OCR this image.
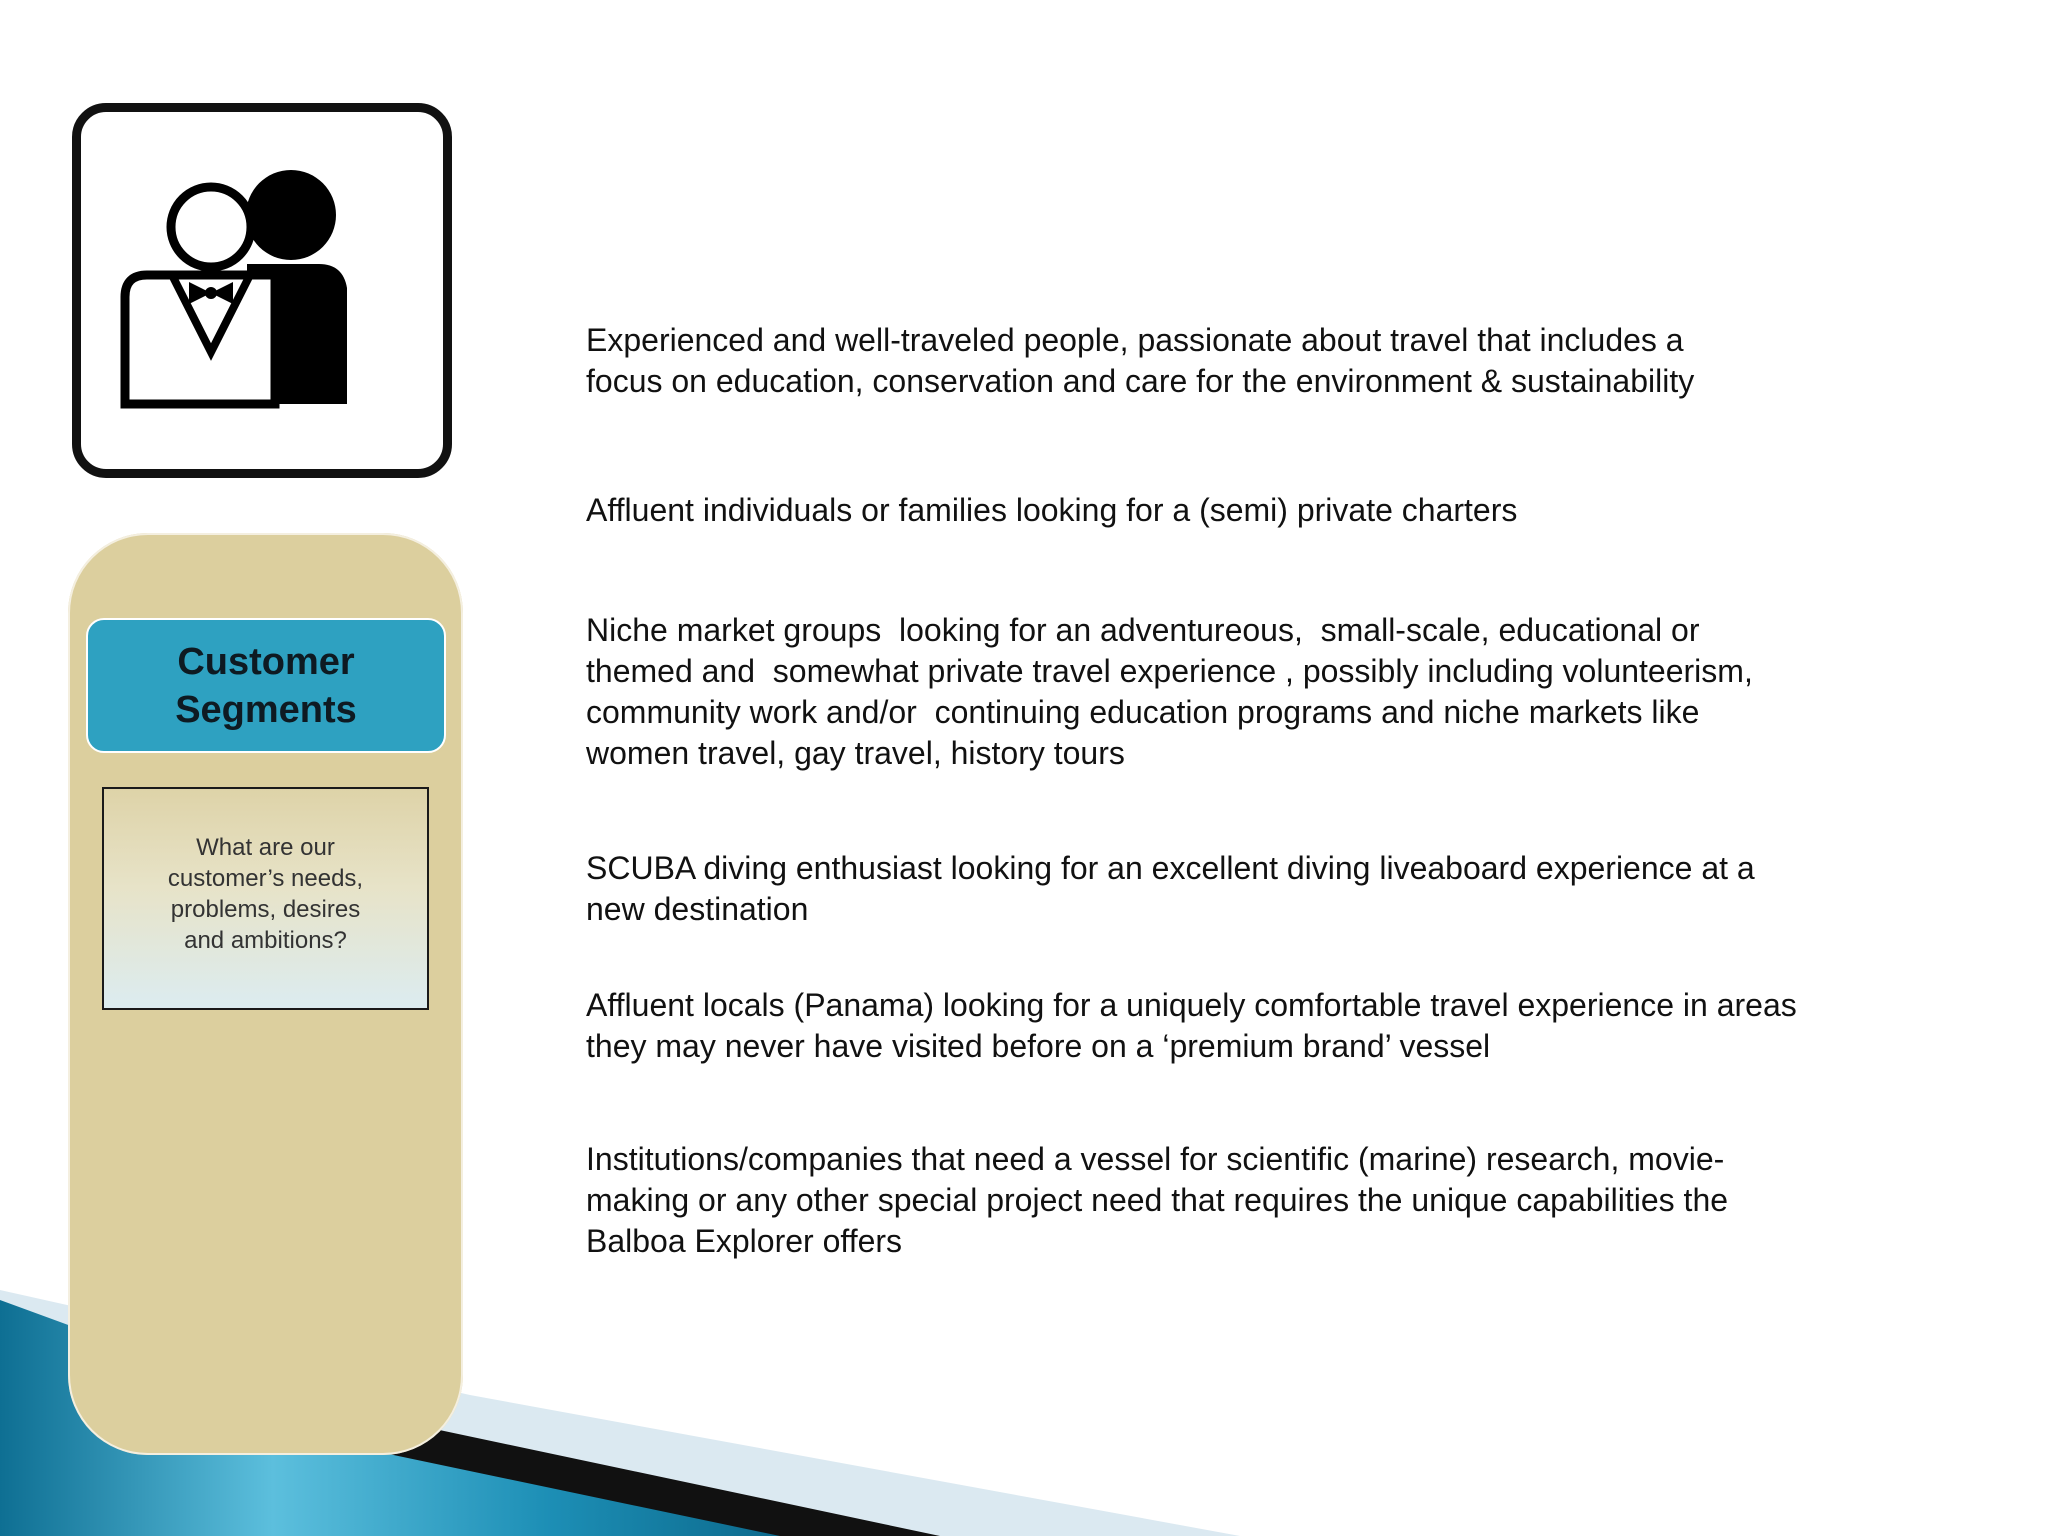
Customer Segments
What are our customer’s needs, problems, desires and ambitions?

Experienced and well-traveled people, passionate about travel that includes a
focus on education, conservation and care for the environment & sustainability

Affluent individuals or families looking for a (semi) private charters

Niche market groups  looking for an adventureous,  small-scale, educational or
themed and  somewhat private travel experience , possibly including volunteerism,
community work and/or  continuing education programs and niche markets like
women travel, gay travel, history tours

SCUBA diving enthusiast looking for an excellent diving liveaboard experience at a
new destination

Affluent locals (Panama) looking for a uniquely comfortable travel experience in areas
they may never have visited before on a ‘premium brand’ vessel

Institutions/companies that need a vessel for scientific (marine) research, movie-
making or any other special project need that requires the unique capabilities the
Balboa Explorer offers
